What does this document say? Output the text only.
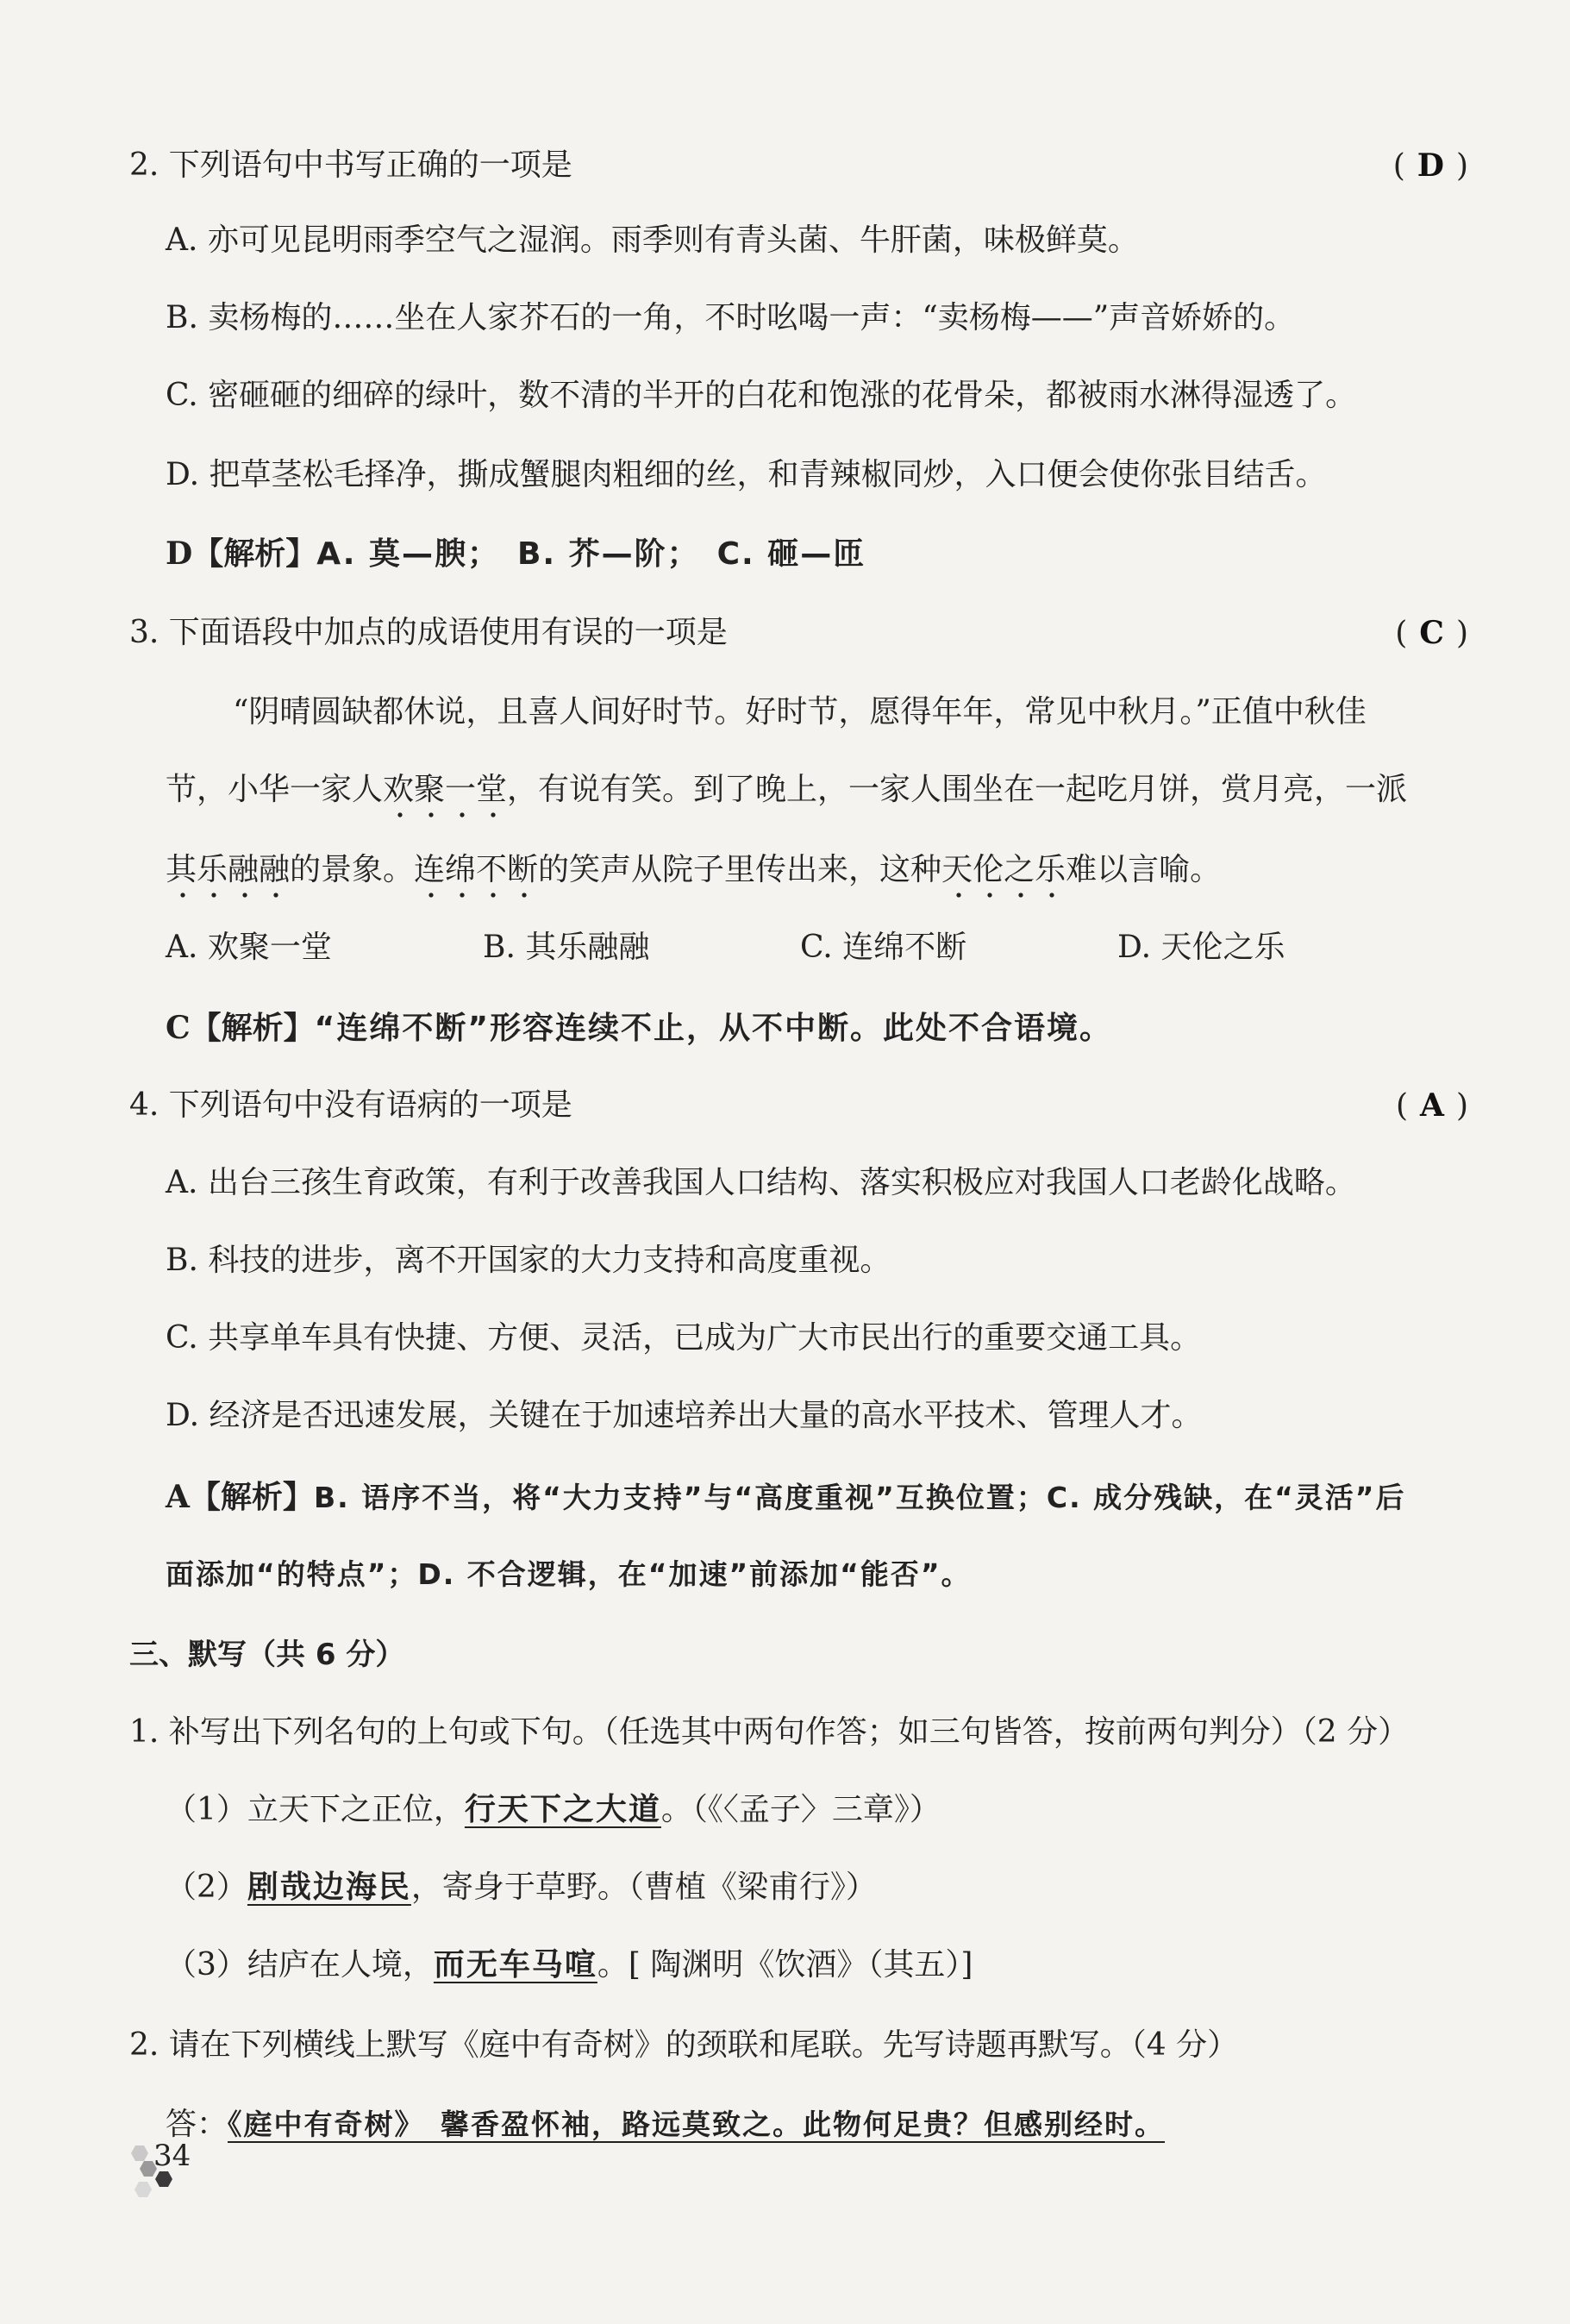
2. 下列语句中书写正确的一项是	( D )
A. 亦可见昆明雨季空气之湿润。雨季则有青头菌、牛肝菌，味极鲜莫。
B. 卖杨梅的……坐在人家芥石的一角，不时吆喝一声：“卖杨梅——”声音娇娇的。
C. 密砸砸的细碎的绿叶，数不清的半开的白花和饱涨的花骨朵，都被雨水淋得湿透了。
D. 把草茎松毛择净，撕成蟹腿肉粗细的丝，和青辣椒同炒，入口便会使你张目结舌。
D【解析】A. 莫—腴；　B. 芥—阶；　C. 砸—匝
3. 下面语段中加点的成语使用有误的一项是	( C )
“阴晴圆缺都休说，且喜人间好时节。好时节，愿得年年，常见中秋月。”正值中秋佳
节，小华一家人欢聚一堂，有说有笑。到了晚上，一家人围坐在一起吃月饼，赏月亮，一派
其乐融融的景象。连绵不断的笑声从院子里传出来，这种天伦之乐难以言喻。
A. 欢聚一堂	B. 其乐融融	C. 连绵不断	D. 天伦之乐
C【解析】“连绵不断”形容连续不止，从不中断。此处不合语境。
4. 下列语句中没有语病的一项是	( A )
A. 出台三孩生育政策，有利于改善我国人口结构、落实积极应对我国人口老龄化战略。
B. 科技的进步，离不开国家的大力支持和高度重视。
C. 共享单车具有快捷、方便、灵活，已成为广大市民出行的重要交通工具。
D. 经济是否迅速发展，关键在于加速培养出大量的高水平技术、管理人才。
A【解析】B. 语序不当，将“大力支持”与“高度重视”互换位置；C. 成分残缺，在“灵活”后
面添加“的特点”；D. 不合逻辑，在“加速”前添加“能否”。
三、默写（共 6 分）
1. 补写出下列名句的上句或下句。（任选其中两句作答；如三句皆答，按前两句判分）（2 分）
（1）立天下之正位，行天下之大道。（《〈孟子〉三章》）
（2）剧哉边海民，寄身于草野。（曹植《梁甫行》）
（3）结庐在人境，而无车马喧。[ 陶渊明《饮酒》（其五）]
2. 请在下列横线上默写《庭中有奇树》的颈联和尾联。先写诗题再默写。（4 分）
答：《庭中有奇树》　馨香盈怀袖，路远莫致之。此物何足贵？但感别经时。
34
